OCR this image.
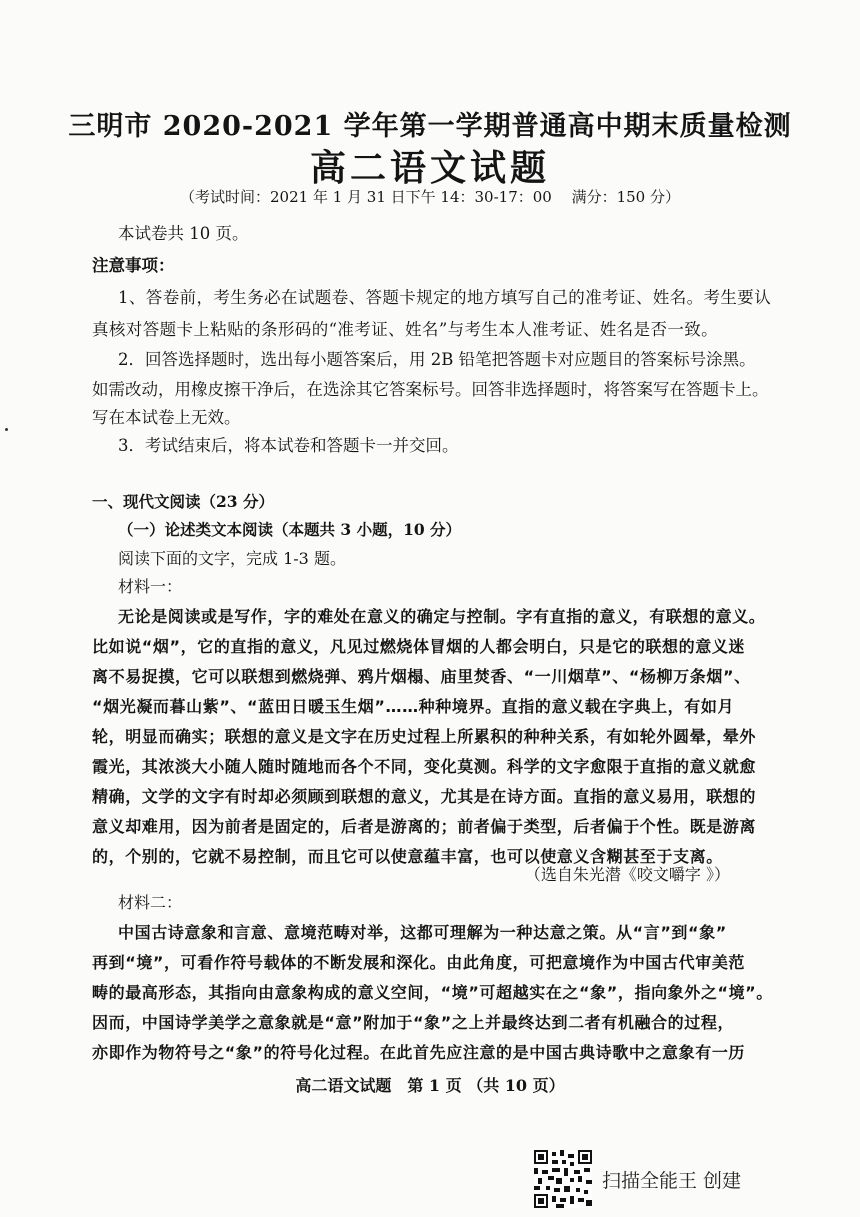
三明市 2020-2021 学年第一学期普通高中期末质量检测
高二语文试题
（考试时间：2021 年 1 月 31 日下午 14：30-17：00　 满分：150 分）
本试卷共 10 页。
注意事项：
1、答卷前，考生务必在试题卷、答题卡规定的地方填写自己的准考证、姓名。考生要认
真核对答题卡上粘贴的条形码的“准考证、姓名”与考生本人准考证、姓名是否一致。
2．回答选择题时，选出每小题答案后，用 2B 铅笔把答题卡对应题目的答案标号涂黑。
如需改动，用橡皮擦干净后，在选涂其它答案标号。回答非选择题时，将答案写在答题卡上。
写在本试卷上无效。
3．考试结束后，将本试卷和答题卡一并交回。
一、现代文阅读（23 分）
（一）论述类文本阅读（本题共 3 小题，10 分）
阅读下面的文字，完成 1-3 题。
材料一：
无论是阅读或是写作，字的难处在意义的确定与控制。字有直指的意义，有联想的意义。
比如说“烟”，它的直指的意义，凡见过燃烧体冒烟的人都会明白，只是它的联想的意义迷
离不易捉摸，它可以联想到燃烧弹、鸦片烟榻、庙里焚香、“一川烟草”、“杨柳万条烟”、
“烟光凝而暮山紫”、“蓝田日暖玉生烟”……种种境界。直指的意义载在字典上，有如月
轮，明显而确实；联想的意义是文字在历史过程上所累积的种种关系，有如轮外圆晕，晕外
霞光，其浓淡大小随人随时随地而各个不同，变化莫测。科学的文字愈限于直指的意义就愈
精确，文学的文字有时却必须顾到联想的意义，尤其是在诗方面。直指的意义易用，联想的
意义却难用，因为前者是固定的，后者是游离的；前者偏于类型，后者偏于个性。既是游离
的，个别的，它就不易控制，而且它可以使意蕴丰富，也可以使意义含糊甚至于支离。
（选自朱光潜《咬文嚼字 》）
材料二：
中国古诗意象和言意、意境范畴对举，这都可理解为一种达意之策。从“言”到“象”
再到“境”，可看作符号载体的不断发展和深化。由此角度，可把意境作为中国古代审美范
畴的最高形态，其指向由意象构成的意义空间，“境”可超越实在之“象”，指向象外之“境”。
因而，中国诗学美学之意象就是“意”附加于“象”之上并最终达到二者有机融合的过程，
亦即作为物符号之“象”的符号化过程。在此首先应注意的是中国古典诗歌中之意象有一历
高二语文试题　第 1 页 （共 10 页）
扫描全能王 创建
